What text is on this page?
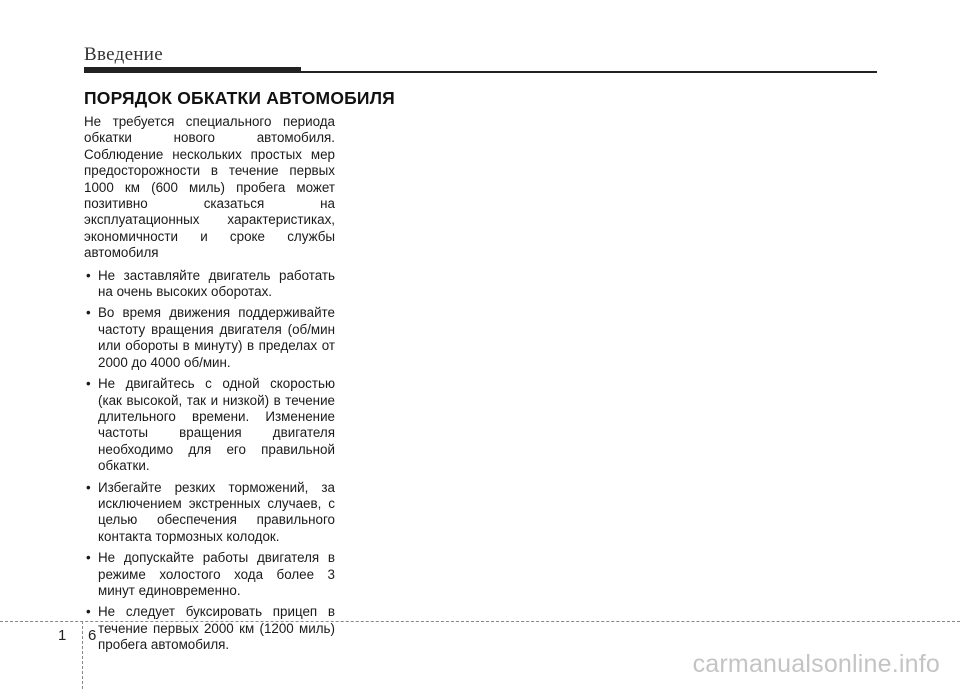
Введение
ПОРЯДОК ОБКАТКИ АВТОМОБИЛЯ

Не требуется специального периода обкатки нового автомобиля. Соблюдение нескольких простых мер предосторожности в течение первых 1000 км (600 миль) пробега может позитивно сказаться на эксплуатационных характеристиках, экономичности и сроке службы автомобиля

• Не заставляйте двигатель работать на очень высоких оборотах.
• Во время движения поддерживайте частоту вращения двигателя (об/мин или обороты в минуту) в пределах от 2000 до 4000 об/мин.
• Не двигайтесь с одной скоростью (как высокой, так и низкой) в течение длительного времени. Изменение частоты вращения двигателя необходимо для его правильной обкатки.
• Избегайте резких торможений, за исключением экстренных случаев, с целью обеспечения правильного контакта тормозных колодок.
• Не допускайте работы двигателя в режиме холостого хода более 3 минут единовременно.
• Не следует буксировать прицеп в течение первых 2000 км (1200 миль) пробега автомобиля.
1 6
carmanualsonline.info
